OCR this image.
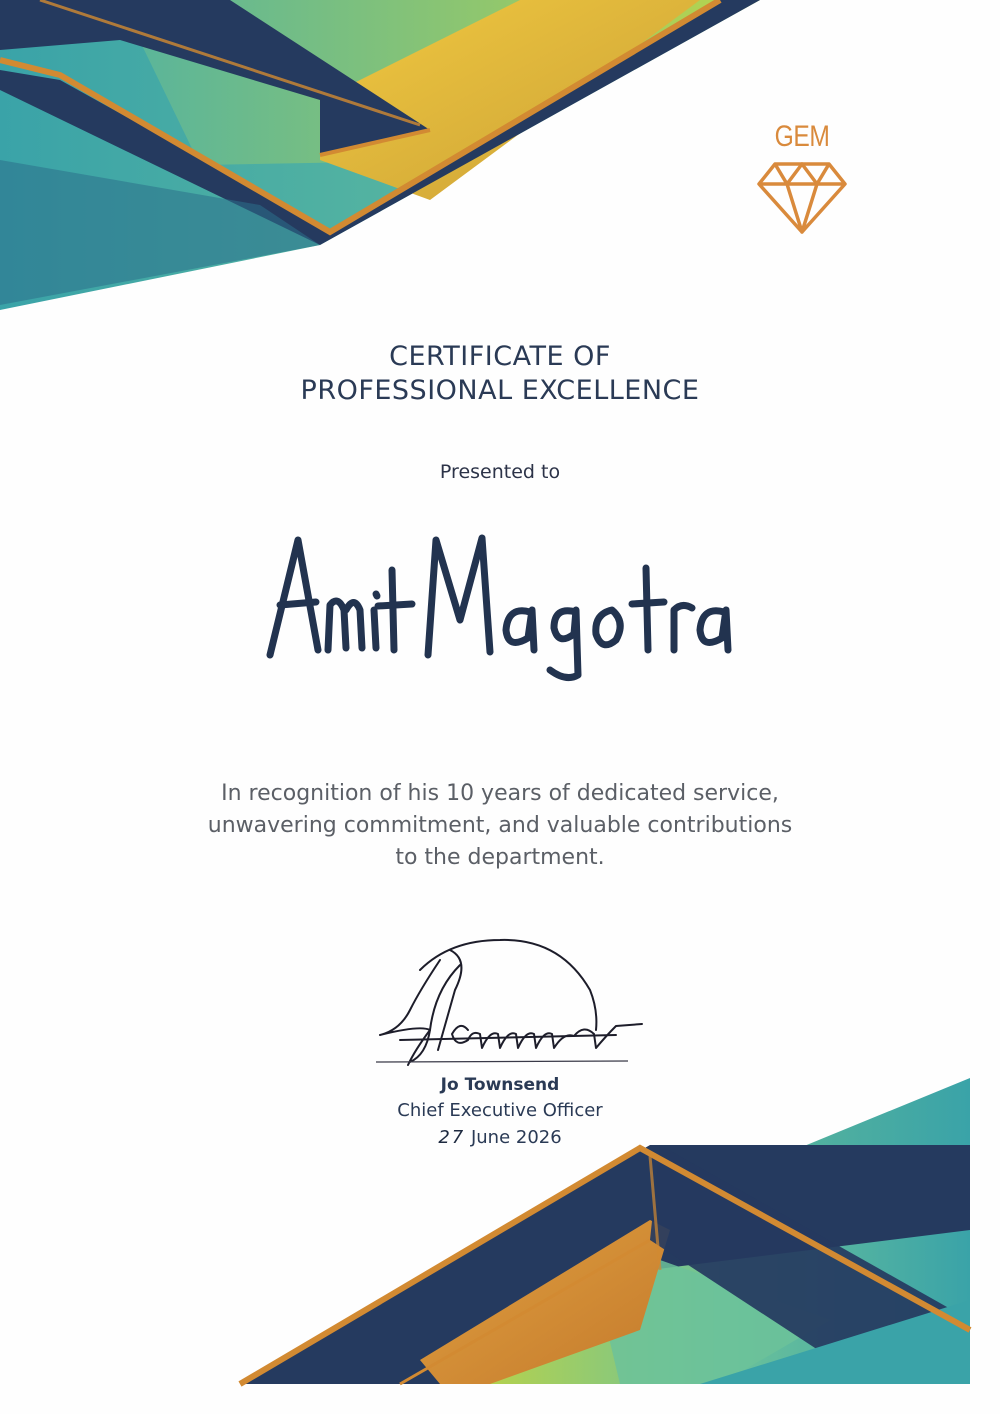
GEM
CERTIFICATE OF
PROFESSIONAL EXCELLENCE
Presented to
In recognition of his 10 years of dedicated service,
unwavering commitment, and valuable contributions
to the department.
Jo Townsend
Chief Executive Officer
27 June 2026
